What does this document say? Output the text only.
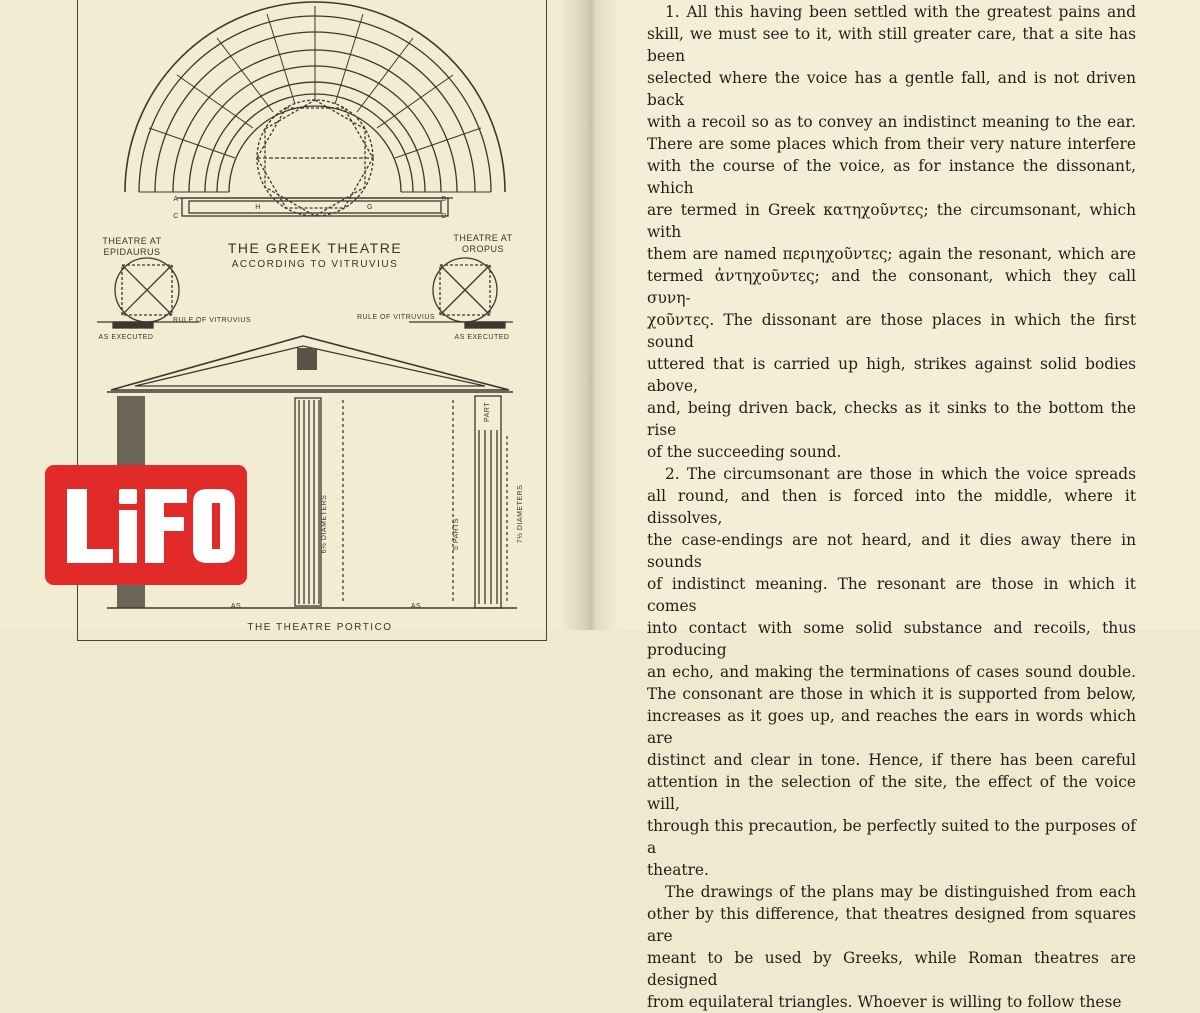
THE GREEK THEATRE
ACCORDING TO VITRUVIUS
THEATRE AT
EPIDAURUS
THEATRE AT
OROPUS
RULE OF VITRUVIUS	RULE OF VITRUVIUS
AS EXECUTED	AS EXECUTED
A	B
C	D
H	G
6½ DIAMETERS	7½ DIAMETERS
5 PARTS
PART
AS	AS
THE THEATRE PORTICO
1. All this having been settled with the greatest pains and
skill, we must see to it, with still greater care, that a site has been
selected where the voice has a gentle fall, and is not driven back
with a recoil so as to convey an indistinct meaning to the ear.
There are some places which from their very nature interfere
with the course of the voice, as for instance the dissonant, which
are termed in Greek κατηχοῦντες; the circumsonant, which with
them are named περιηχοῦντες; again the resonant, which are
termed ἀντηχοῦντες; and the consonant, which they call συνη-
χοῦντες. The dissonant are those places in which the first sound
uttered that is carried up high, strikes against solid bodies above,
and, being driven back, checks as it sinks to the bottom the rise
of the succeeding sound.
2. The circumsonant are those in which the voice spreads
all round, and then is forced into the middle, where it dissolves,
the case-endings are not heard, and it dies away there in sounds
of indistinct meaning. The resonant are those in which it comes
into contact with some solid substance and recoils, thus producing
an echo, and making the terminations of cases sound double.
The consonant are those in which it is supported from below,
increases as it goes up, and reaches the ears in words which are
distinct and clear in tone. Hence, if there has been careful
attention in the selection of the site, the effect of the voice will,
through this precaution, be perfectly suited to the purposes of a
theatre.
The drawings of the plans may be distinguished from each
other by this difference, that theatres designed from squares are
meant to be used by Greeks, while Roman theatres are designed
from equilateral triangles. Whoever is willing to follow these
